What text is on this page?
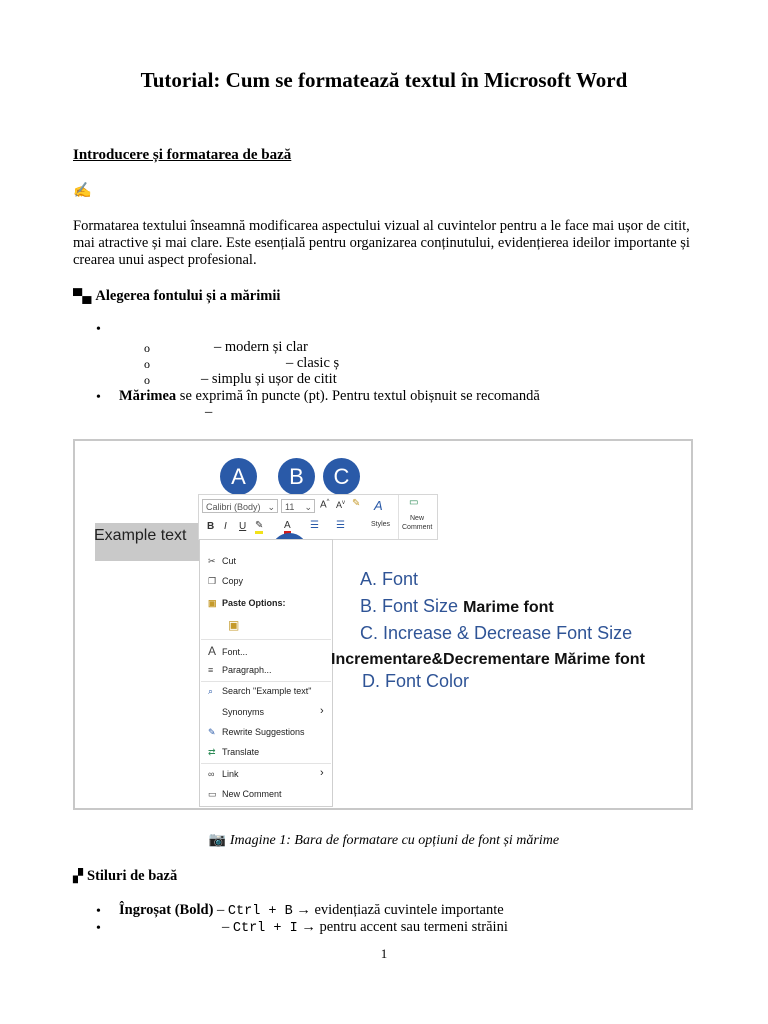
Tutorial: Cum se formatează textul în Microsoft Word
Introducere și formatarea de bază
✍
Formatarea textului înseamnă modificarea aspectului vizual al cuvintelor pentru a le face mai ușor de citit, mai atractive și mai clare. Este esențială pentru organizarea conținutului, evidențierea ideilor importante și crearea unui aspect profesional.
▀▄ Alegerea fontului și a mărimii
•
o	– modern și clar
o	– clasic ș
o	– simplu și ușor de citit
• Mărimea se exprimă în puncte (pt). Pentru textul obișnuit se recomandă
–
Example text
A	B	C
Calibri (Body) ⌄	11 ⌄ A^ $A^v$ ✎ A
Styles
▭
New
Comment
B I U ✎ A ☰ ☰
✂ Cut
❐ Copy
▣ Paste Options:
▣
A Font...
≡ Paragraph...
⌕ Search "Example text"
Synonyms	›
✎ Rewrite Suggestions
⇄ Translate
∞ Link	›
▭ New Comment
A. Font
B. Font Size Marime font
C. Increase & Decrease Font Size
Incrementare&Decrementare Mărime font
D. Font Color
📷 Imagine 1: Bara de formatare cu opțiuni de font și mărime
▞ Stiluri de bază
• Îngroșat (Bold) – Ctrl + B → evidențiază cuvintele importante
•	– Ctrl + I → pentru accent sau termeni străini
1
